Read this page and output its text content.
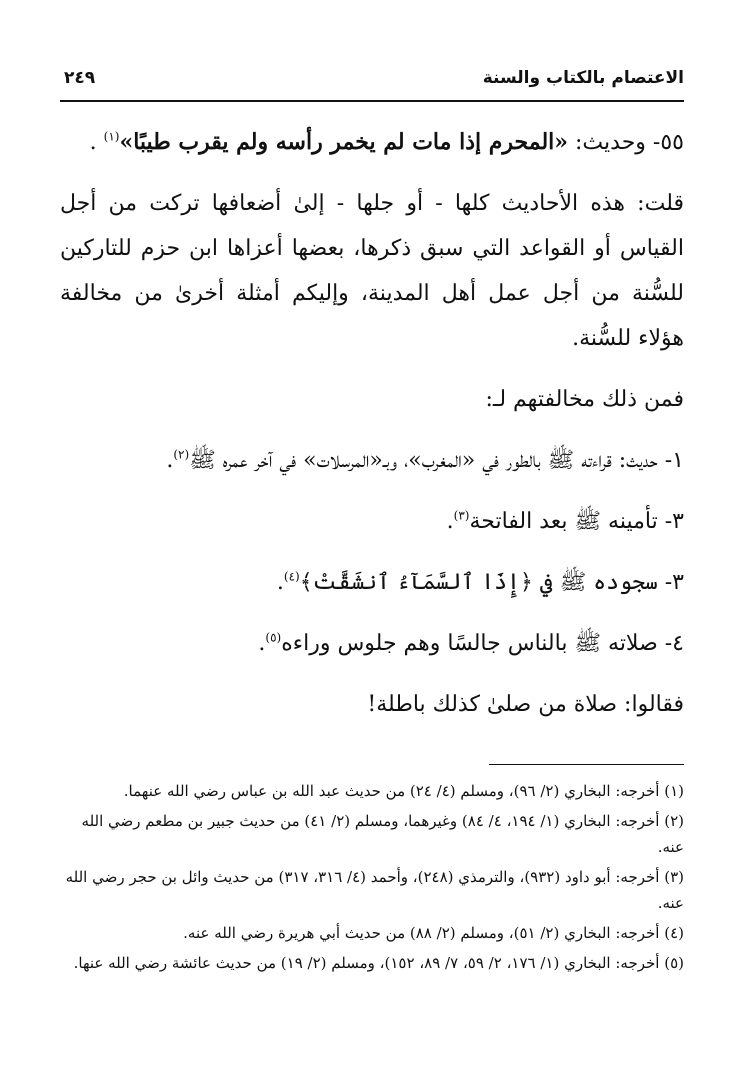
الاعتصام بالكتاب والسنة
٢٤٩

٥٥- وحديث: «المحرم إذا مات لم يخمر رأسه ولم يقرب طيبًا»$^{(١)}$ .

قلت: هذه الأحاديث كلها - أو جلها - إلىٰ أضعافها تركت من أجل القياس أو القواعد التي سبق ذكرها، بعضها أعزاها ابن حزم للتاركين للسُّنة من أجل عمل أهل المدينة، وإليكم أمثلة أخرىٰ من مخالفة هؤلاء للسُّنة.

فمن ذلك مخالفتهم لـ:

١- حديث: قراءته ﷺ بالطور في «المغرب»، وبـ«المرسلات» في آخر عمره ﷺ$^{(٢)}$.

٣- تأمينه ﷺ بعد الفاتحة$^{(٣)}$.

٣- سجوده ﷺ في ﴿إِذَا ٱلسَّمَآءُ ٱنشَقَّتْ﴾$^{(٤)}$.

٤- صلاته ﷺ بالناس جالسًا وهم جلوس وراءه$^{(٥)}$.

فقالوا: صلاة من صلىٰ كذلك باطلة!

(١) أخرجه: البخاري (٢/ ٩٦)، ومسلم (٤/ ٢٤) من حديث عبد الله بن عباس رضي الله عنهما.

(٢) أخرجه: البخاري (١/ ١٩٤، ٤/ ٨٤) وغيرهما، ومسلم (٢/ ٤١) من حديث جبير بن مطعم رضي الله عنه.

(٣) أخرجه: أبو داود (٩٣٢)، والترمذي (٢٤٨)، وأحمد (٤/ ٣١٦، ٣١٧) من حديث وائل بن حجر رضي الله عنه.

(٤) أخرجه: البخاري (٢/ ٥١)، ومسلم (٢/ ٨٨) من حديث أبي هريرة رضي الله عنه.

(٥) أخرجه: البخاري (١/ ١٧٦، ٢/ ٥٩، ٧/ ٨٩، ١٥٢)، ومسلم (٢/ ١٩) من حديث عائشة رضي الله عنها.
